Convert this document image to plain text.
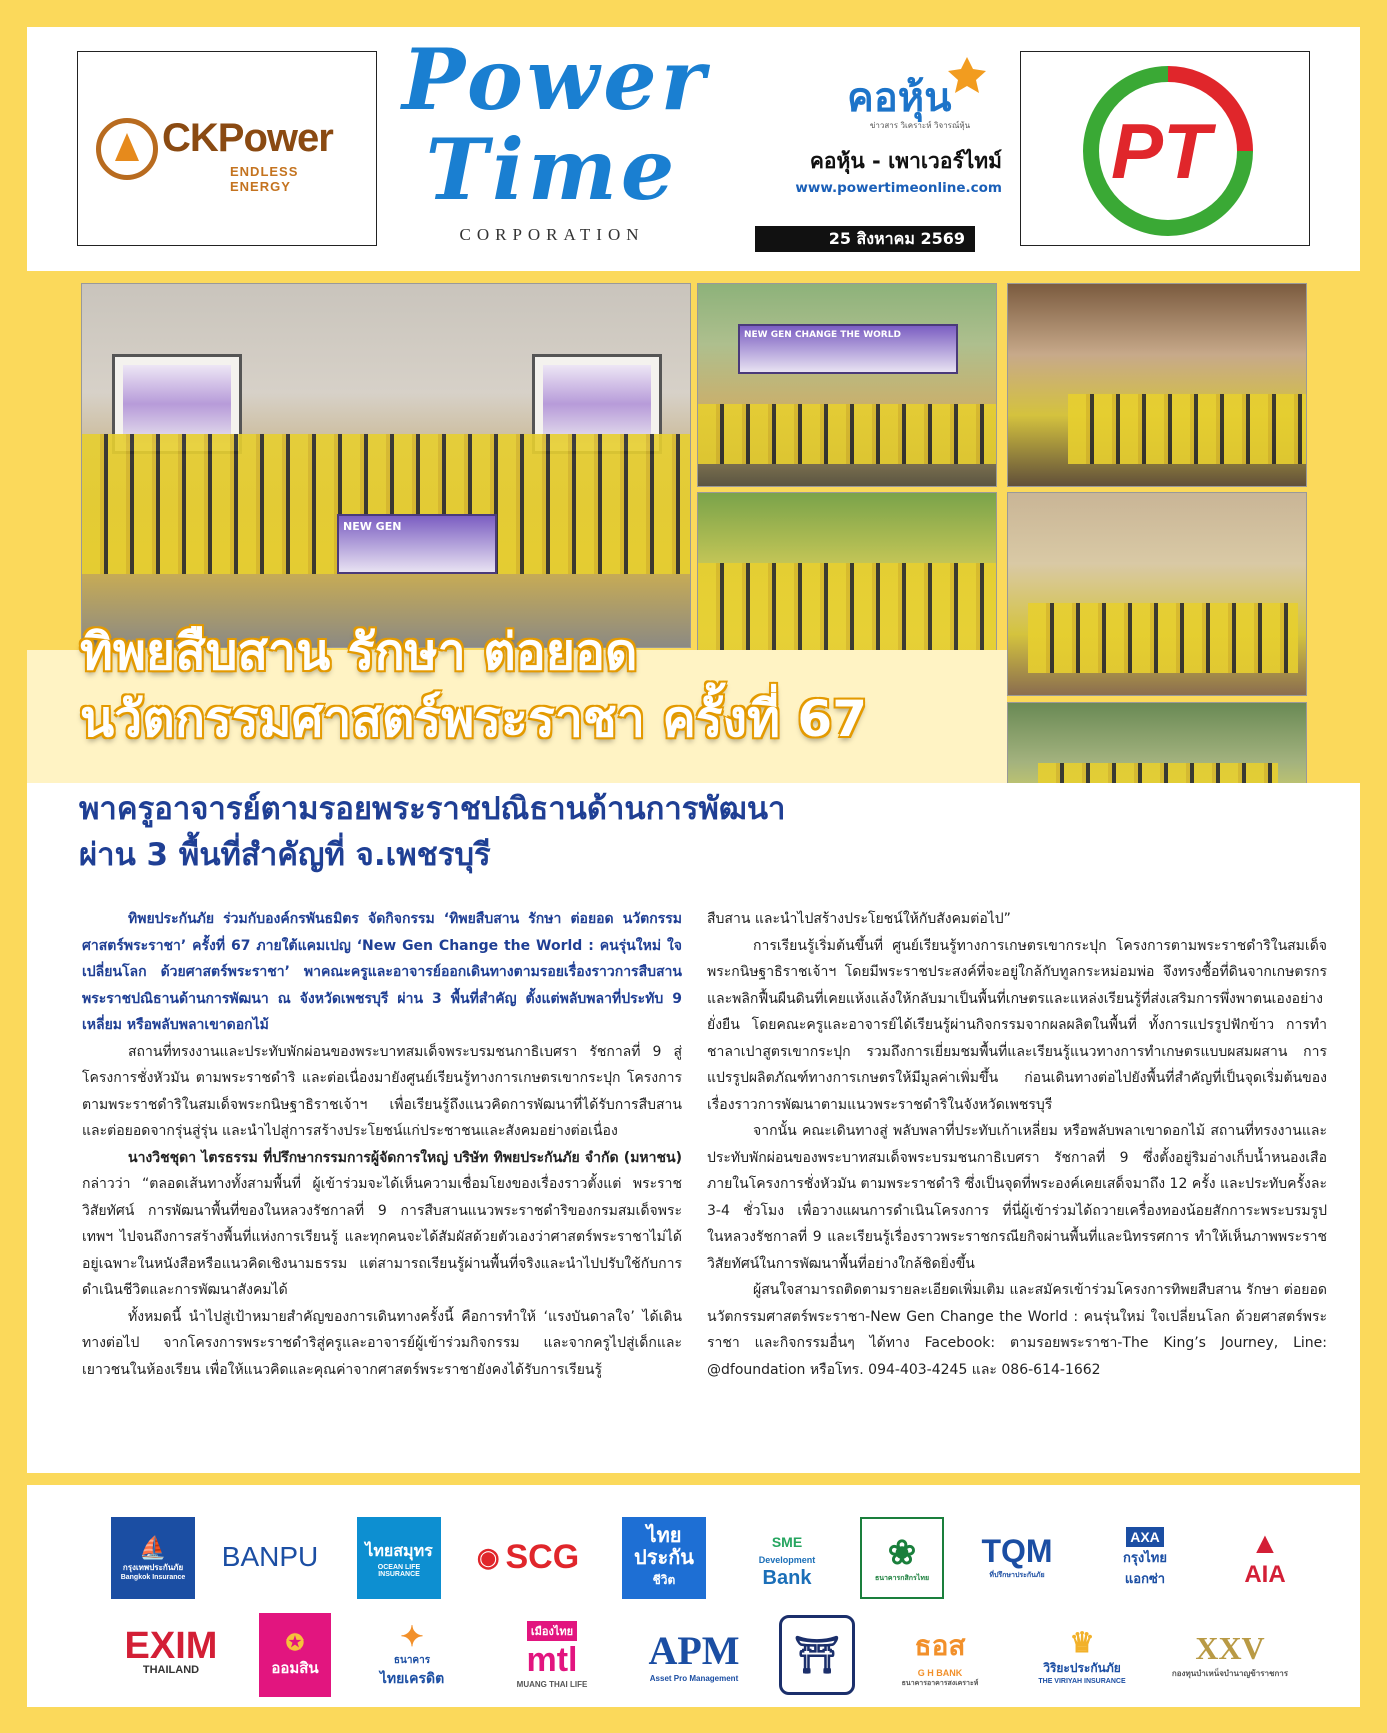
CKPower
ENDLESS ENERGY
Power
Time
CORPORATION
คอหุ้น
ข่าวสาร วิเคราะห์ วิจารณ์หุ้น
คอหุ้น - เพาเวอร์ไทม์
www.powertimeonline.com
25 สิงหาคม 2569
PT
NEW GEN
NEW GEN CHANGE THE WORLD
ทิพยสืบสาน รักษา ต่อยอด
นวัตกรรมศาสตร์พระราชา ครั้งที่ 67
พาครูอาจารย์ตามรอยพระราชปณิธานด้านการพัฒนา
ผ่าน 3 พื้นที่สำคัญที่ จ.เพชรบุรี

ทิพยประกันภัย ร่วมกับองค์กรพันธมิตร จัดกิจกรรม ‘ทิพยสืบสาน รักษา ต่อยอด นวัตกรรมศาสตร์พระราชา’ ครั้งที่ 67 ภายใต้แคมเปญ ‘New Gen Change the World : คนรุ่นใหม่ ใจเปลี่ยนโลก ด้วยศาสตร์พระราชา’ พาคณะครูและอาจารย์ออกเดินทางตามรอยเรื่องราวการสืบสานพระราชปณิธานด้านการพัฒนา ณ จังหวัดเพชรบุรี ผ่าน 3 พื้นที่สำคัญ ตั้งแต่พลับพลาที่ประทับ 9 เหลี่ยม หรือพลับพลาเขาดอกไม้

สถานที่ทรงงานและประทับพักผ่อนของพระบาทสมเด็จพระบรมชนกาธิเบศรา รัชกาลที่ 9 สู่ โครงการชั่งหัวมัน ตามพระราชดำริ และต่อเนื่องมายังศูนย์เรียนรู้ทางการเกษตรเขากระปุก โครงการตามพระราชดำริในสมเด็จพระกนิษฐาธิราชเจ้าฯ เพื่อเรียนรู้ถึงแนวคิดการพัฒนาที่ได้รับการสืบสานและต่อยอดจากรุ่นสู่รุ่น และนำไปสู่การสร้างประโยชน์แก่ประชาชนและสังคมอย่างต่อเนื่อง

นางวิชชุดา ไตรธรรม ที่ปรึกษากรรมการผู้จัดการใหญ่ บริษัท ทิพยประกันภัย จำกัด (มหาชน) กล่าวว่า “ตลอดเส้นทางทั้งสามพื้นที่ ผู้เข้าร่วมจะได้เห็นความเชื่อมโยงของเรื่องราวตั้งแต่ พระราชวิสัยทัศน์ การพัฒนาพื้นที่ของในหลวงรัชกาลที่ 9 การสืบสานแนวพระราชดำริของกรมสมเด็จพระเทพฯ ไปจนถึงการสร้างพื้นที่แห่งการเรียนรู้ และทุกคนจะได้สัมผัสด้วยตัวเองว่าศาสตร์พระราชาไม่ได้อยู่เฉพาะในหนังสือหรือแนวคิดเชิงนามธรรม แต่สามารถเรียนรู้ผ่านพื้นที่จริงและนำไปปรับใช้กับการดำเนินชีวิตและการพัฒนาสังคมได้

ทั้งหมดนี้ นำไปสู่เป้าหมายสำคัญของการเดินทางครั้งนี้ คือการทำให้ ‘แรงบันดาลใจ’ ได้เดินทางต่อไป จากโครงการพระราชดำริสู่ครูและอาจารย์ผู้เข้าร่วมกิจกรรม และจากครูไปสู่เด็กและเยาวชนในห้องเรียน เพื่อให้แนวคิดและคุณค่าจากศาสตร์พระราชายังคงได้รับการเรียนรู้

สืบสาน และนำไปสร้างประโยชน์ให้กับสังคมต่อไป”

การเรียนรู้เริ่มต้นขึ้นที่ ศูนย์เรียนรู้ทางการเกษตรเขากระปุก โครงการตามพระราชดำริในสมเด็จพระกนิษฐาธิราชเจ้าฯ โดยมีพระราชประสงค์ที่จะอยู่ใกล้กับทูลกระหม่อมพ่อ จึงทรงซื้อที่ดินจากเกษตรกร และพลิกฟื้นผืนดินที่เคยแห้งแล้งให้กลับมาเป็นพื้นที่เกษตรและแหล่งเรียนรู้ที่ส่งเสริมการพึ่งพาตนเองอย่างยั่งยืน โดยคณะครูและอาจารย์ได้เรียนรู้ผ่านกิจกรรมจากผลผลิตในพื้นที่ ทั้งการแปรรูปฟักข้าว การทำชาลาเปาสูตรเขากระปุก รวมถึงการเยี่ยมชมพื้นที่และเรียนรู้แนวทางการทำเกษตรแบบผสมผสาน การแปรรูปผลิตภัณฑ์ทางการเกษตรให้มีมูลค่าเพิ่มขึ้น ก่อนเดินทางต่อไปยังพื้นที่สำคัญที่เป็นจุดเริ่มต้นของเรื่องราวการพัฒนาตามแนวพระราชดำริในจังหวัดเพชรบุรี

จากนั้น คณะเดินทางสู่ พลับพลาที่ประทับเก้าเหลี่ยม หรือพลับพลาเขาดอกไม้ สถานที่ทรงงานและประทับพักผ่อนของพระบาทสมเด็จพระบรมชนกาธิเบศรา รัชกาลที่ 9 ซึ่งตั้งอยู่ริมอ่างเก็บน้ำหนองเสือ ภายในโครงการชั่งหัวมัน ตามพระราชดำริ ซึ่งเป็นจุดที่พระองค์เคยเสด็จมาถึง 12 ครั้ง และประทับครั้งละ 3-4 ชั่วโมง เพื่อวางแผนการดำเนินโครงการ ที่นี่ผู้เข้าร่วมได้ถวายเครื่องทองน้อยสักการะพระบรมรูปในหลวงรัชกาลที่ 9 และเรียนรู้เรื่องราวพระราชกรณียกิจผ่านพื้นที่และนิทรรศการ ทำให้เห็นภาพพระราชวิสัยทัศน์ในการพัฒนาพื้นที่อย่างใกล้ชิดยิ่งขึ้น

ผู้สนใจสามารถติดตามรายละเอียดเพิ่มเติม และสมัครเข้าร่วมโครงการทิพยสืบสาน รักษา ต่อยอด นวัตกรรมศาสตร์พระราชา-New Gen Change the World : คนรุ่นใหม่ ใจเปลี่ยนโลก ด้วยศาสตร์พระราชา และกิจกรรมอื่นๆ ได้ทาง Facebook: ตามรอยพระราชา-The King’s Journey, Line: @dfoundation หรือโทร. 094-403-4245 และ 086-614-1662

⛵
กรุงเทพประกันภัย
Bangkok Insurance
BANPU	ไทยสมุทร
OCEAN LIFE INSURANCE
◉ SCG
ไทย
ประกัน
ชีวิต
SME
Development
Bank
❀
ธนาคารกสิกรไทย
TQM
ที่ปรึกษาประกันภัย
AXA
กรุงไทย
แอกซ่า
▲
AIA
EXIM
THAILAND
✪
ออมสิน
✦
ธนาคาร
ไทยเครดิต
เมืองไทย
mtl
MUANG THAI LIFE
APM
Asset Pro Management
⛩	ธอส
G H BANK
ธนาคารอาคารสงเคราะห์
♛
วิริยะประกันภัย
THE VIRIYAH INSURANCE
XXV
กองทุนบำเหน็จบำนาญข้าราชการ
